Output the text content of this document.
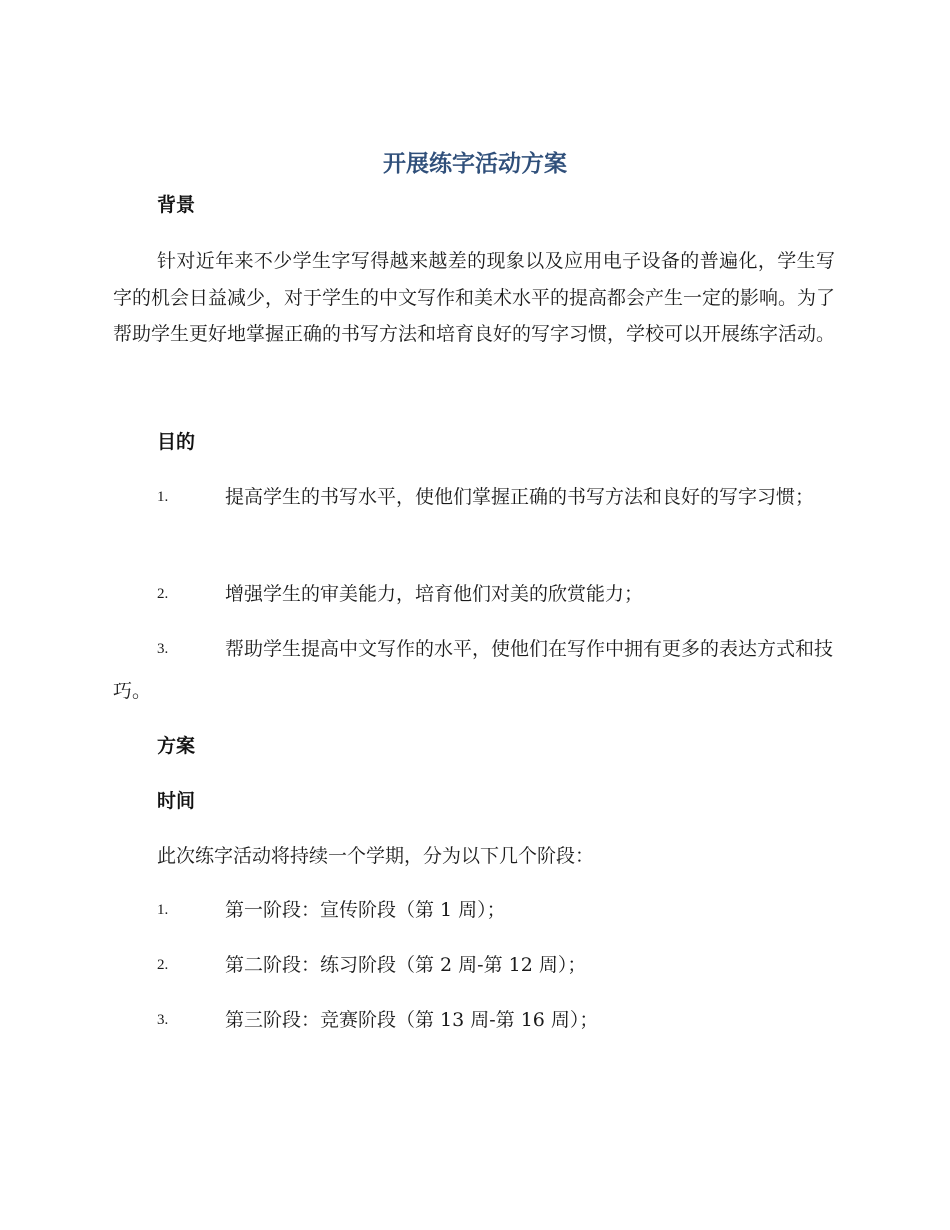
开展练字活动方案
背景

针对近年来不少学生字写得越来越差的现象以及应用电子设备的普遍化，学生写字的机会日益减少，对于学生的中文写作和美术水平的提高都会产生一定的影响。为了帮助学生更好地掌握正确的书写方法和培育良好的写字习惯，学校可以开展练字活动。

目的
1.	提高学生的书写水平，使他们掌握正确的书写方法和良好的写字习惯；
2.	增强学生的审美能力，培育他们对美的欣赏能力；
3.	帮助学生提高中文写作的水平，使他们在写作中拥有更多的表达方式和技巧。
方案
时间
此次练字活动将持续一个学期，分为以下几个阶段：
1.	第一阶段：宣传阶段（第 1 周）；
2.	第二阶段：练习阶段（第 2 周-第 12 周）；
3.	第三阶段：竞赛阶段（第 13 周-第 16 周）；
